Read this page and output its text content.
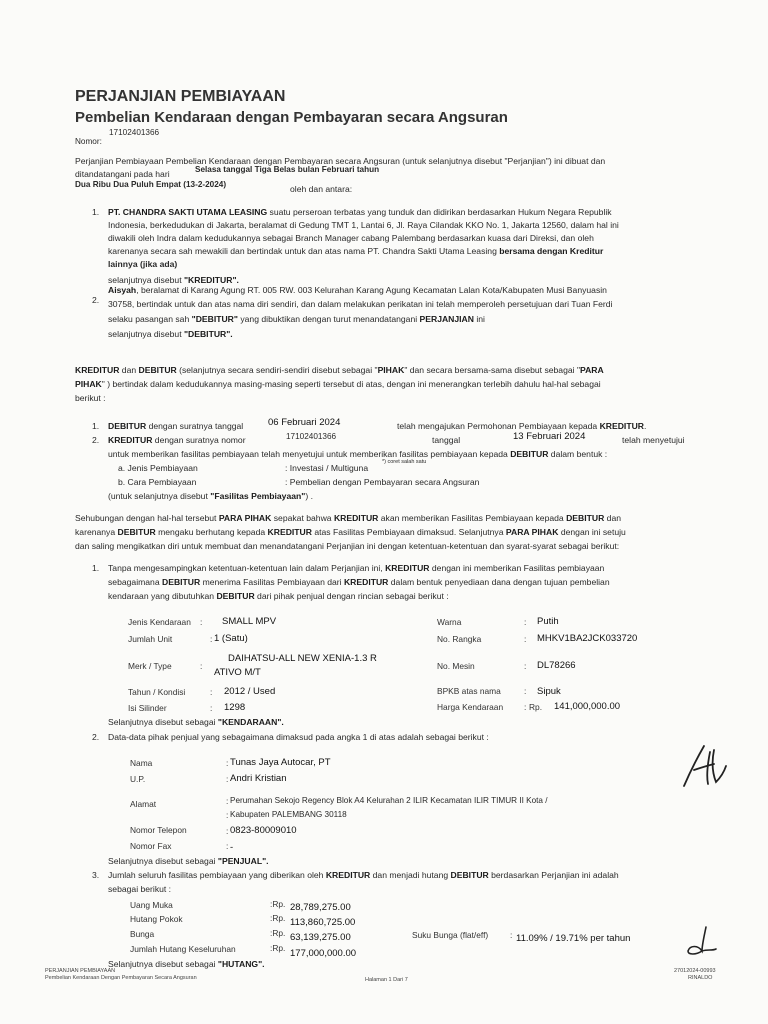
PERJANJIAN PEMBIAYAAN
Pembelian Kendaraan dengan Pembayaran secara Angsuran
17102401366
Nomor:
Perjanjian Pembiayaan Pembelian Kendaraan dengan Pembayaran secara Angsuran (untuk selanjutnya disebut "Perjanjian") ini dibuat dan
ditandatangani pada hari	Selasa tanggal Tiga Belas bulan Februari tahun
Dua Ribu Dua Puluh Empat (13-2-2024)	oleh dan antara:
1. PT. CHANDRA SAKTI UTAMA LEASING suatu perseroan terbatas yang tunduk dan didirikan berdasarkan Hukum Negara Republik
Indonesia, berkedudukan di Jakarta, beralamat di Gedung TMT 1, Lantai 6, Jl. Raya Cilandak KKO No. 1, Jakarta 12560, dalam hal ini
diwakili oleh Indra dalam kedudukannya sebagai Branch Manager cabang Palembang berdasarkan kuasa dari Direksi, dan oleh
karenanya secara sah mewakili dan bertindak untuk dan atas nama PT. Chandra Sakti Utama Leasing bersama dengan Kreditur
lainnya (jika ada)
selanjutnya disebut "KREDITUR".
2.
Aisyah, beralamat di Karang Agung RT. 005 RW. 003 Kelurahan Karang Agung Kecamatan Lalan Kota/Kabupaten Musi Banyuasin
30758, bertindak untuk dan atas nama diri sendiri, dan dalam melakukan perikatan ini telah memperoleh persetujuan dari Tuan Ferdi
selaku pasangan sah "DEBITUR" yang dibuktikan dengan turut menandatangani PERJANJIAN ini
selanjutnya disebut "DEBITUR".
KREDITUR dan DEBITUR (selanjutnya secara sendiri-sendiri disebut sebagai "PIHAK" dan secara bersama-sama disebut sebagai "PARA
PIHAK" ) bertindak dalam kedudukannya masing-masing seperti tersebut di atas, dengan ini menerangkan terlebih dahulu hal-hal sebagai
berikut :
1. DEBITUR dengan suratnya tanggal	06 Februari 2024	telah mengajukan Permohonan Pembiayaan kepada KREDITUR.
2. KREDITUR dengan suratnya nomor	17102401366	tanggal	13 Februari 2024	telah menyetujui
untuk memberikan fasilitas pembiayaan telah menyetujui untuk memberikan fasilitas pembiayaan kepada DEBITUR dalam bentuk :
a. Jenis Pembiayaan	: Investasi / Multiguna
*) coret salah satu
b. Cara Pembiayaan	: Pembelian dengan Pembayaran secara Angsuran
(untuk selanjutnya disebut "Fasilitas Pembiayaan") .
Sehubungan dengan hal-hal tersebut PARA PIHAK sepakat bahwa KREDITUR akan memberikan Fasilitas Pembiayaan kepada DEBITUR dan
karenanya DEBITUR mengaku berhutang kepada KREDITUR atas Fasilitas Pembiayaan dimaksud. Selanjutnya PARA PIHAK dengan ini setuju
dan saling mengikatkan diri untuk membuat dan menandatangani Perjanjian ini dengan ketentuan-ketentuan dan syarat-syarat sebagai berikut:
1. Tanpa mengesampingkan ketentuan-ketentuan lain dalam Perjanjian ini, KREDITUR dengan ini memberikan Fasilitas pembiayaan
sebagaimana DEBITUR menerima Fasilitas Pembiayaan dari KREDITUR dalam bentuk penyediaan dana dengan tujuan pembelian
kendaraan yang dibutuhkan DEBITUR dari pihak penjual dengan rincian sebagai berikut :
Jenis Kendaraan : SMALL MPV	Warna	: Putih
Jumlah Unit	: 1 (Satu)	No. Rangka	: MHKV1BA2JCK033720
Merk / Type	:
DAIHATSU-ALL NEW XENIA-1.3 R
ATIVO M/T
No. Mesin	: DL78266
Tahun / Kondisi	: 2012 / Used	BPKB atas nama	: Sipuk
Isi Silinder	: 1298	Harga Kendaraan : Rp. 141,000,000.00
Selanjutnya disebut sebagai "KENDARAAN".
2. Data-data pihak penjual yang sebagaimana dimaksud pada angka 1 di atas adalah sebagai berikut :
Nama	: Tunas Jaya Autocar, PT
U.P.	: Andri Kristian
Alamat	: Perumahan Sekojo Regency Blok A4 Kelurahan 2 ILIR Kecamatan ILIR TIMUR II Kota /
: Kabupaten PALEMBANG 30118
Nomor Telepon	: 0823-80009010
Nomor Fax	: -
Selanjutnya disebut sebagai "PENJUAL".
3. Jumlah seluruh fasilitas pembiayaan yang diberikan oleh KREDITUR dan menjadi hutang DEBITUR berdasarkan Perjanjian ini adalah
sebagai berikut :
Uang Muka	:Rp. 28,789,275.00
Hutang Pokok	:Rp. 113,860,725.00
Bunga	:Rp. 63,139,275.00	Suku Bunga (flat/eff)	: 11.09% / 19.71% per tahun
Jumlah Hutang Keseluruhan	:Rp. 177,000,000.00
Selanjutnya disebut sebagai "HUTANG".
PERJANJIAN PEMBIAYAAN
Pembelian Kendaraan Dengan Pembayaran Secara Angsuran	Halaman 1 Dari 7
27012024-00993
RINALDO
